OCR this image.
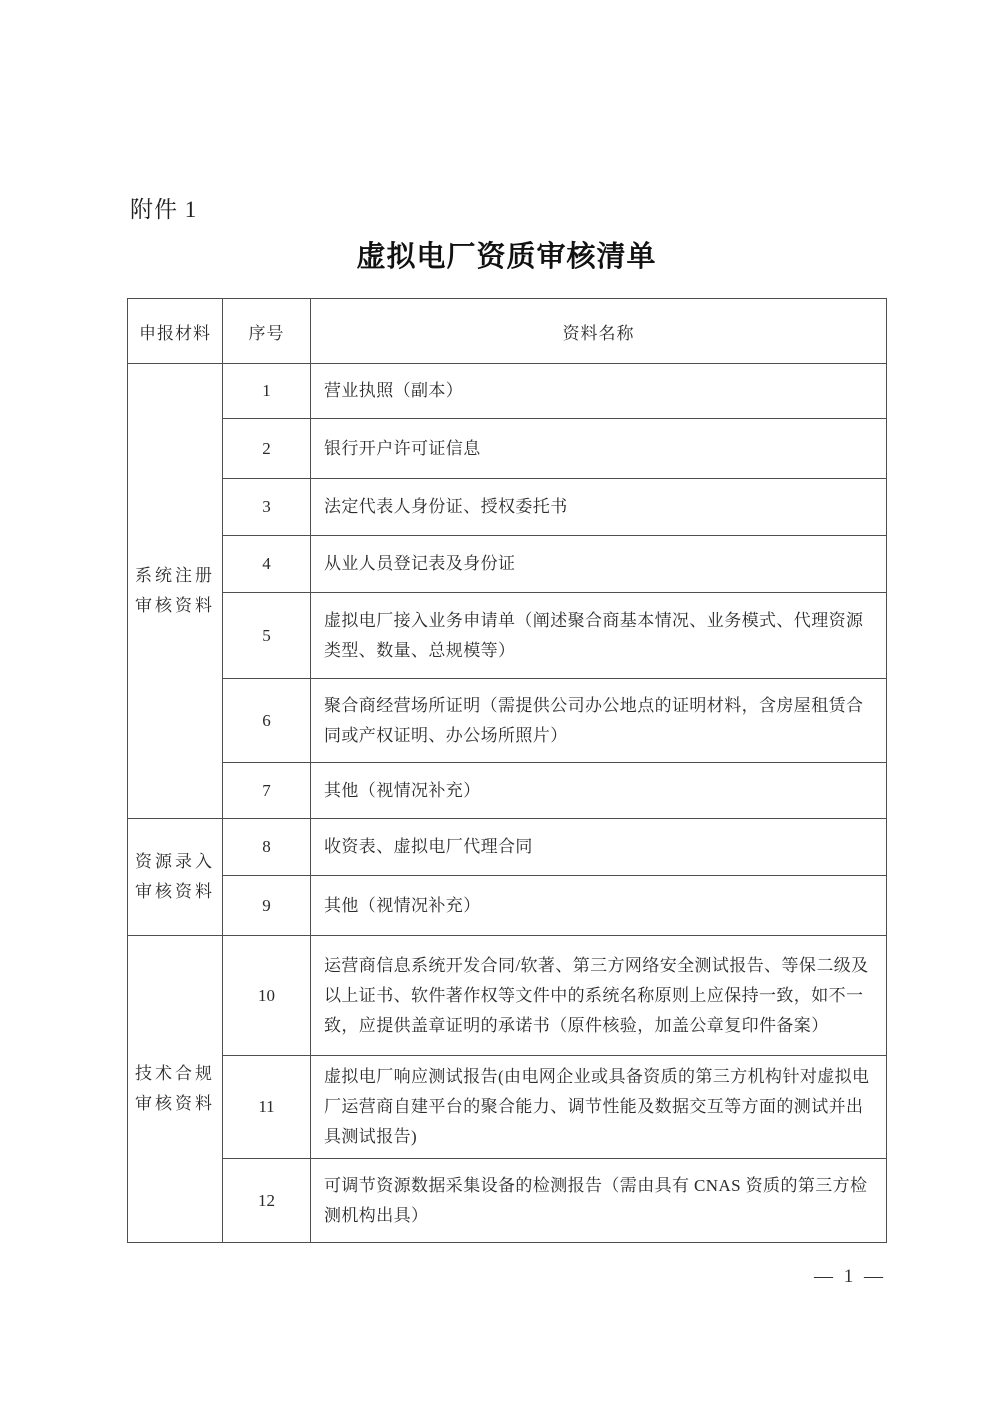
附件 1
虚拟电厂资质审核清单
申报材料	序号	资料名称
系统注册审核资料	1	营业执照（副本）
	2	银行开户许可证信息
	3	法定代表人身份证、授权委托书
	4	从业人员登记表及身份证
	5	虚拟电厂接入业务申请单（阐述聚合商基本情况、业务模式、代理资源类型、数量、总规模等）
	6	聚合商经营场所证明（需提供公司办公地点的证明材料，含房屋租赁合同或产权证明、办公场所照片）
	7	其他（视情况补充）
资源录入审核资料	8	收资表、虚拟电厂代理合同
	9	其他（视情况补充）
技术合规审核资料	10	运营商信息系统开发合同/软著、第三方网络安全测试报告、等保二级及以上证书、软件著作权等文件中的系统名称原则上应保持一致，如不一致，应提供盖章证明的承诺书（原件核验，加盖公章复印件备案）
	11	虚拟电厂响应测试报告(由电网企业或具备资质的第三方机构针对虚拟电厂运营商自建平台的聚合能力、调节性能及数据交互等方面的测试并出具测试报告)
	12	可调节资源数据采集设备的检测报告（需由具有 CNAS 资质的第三方检测机构出具）
— 1 —
